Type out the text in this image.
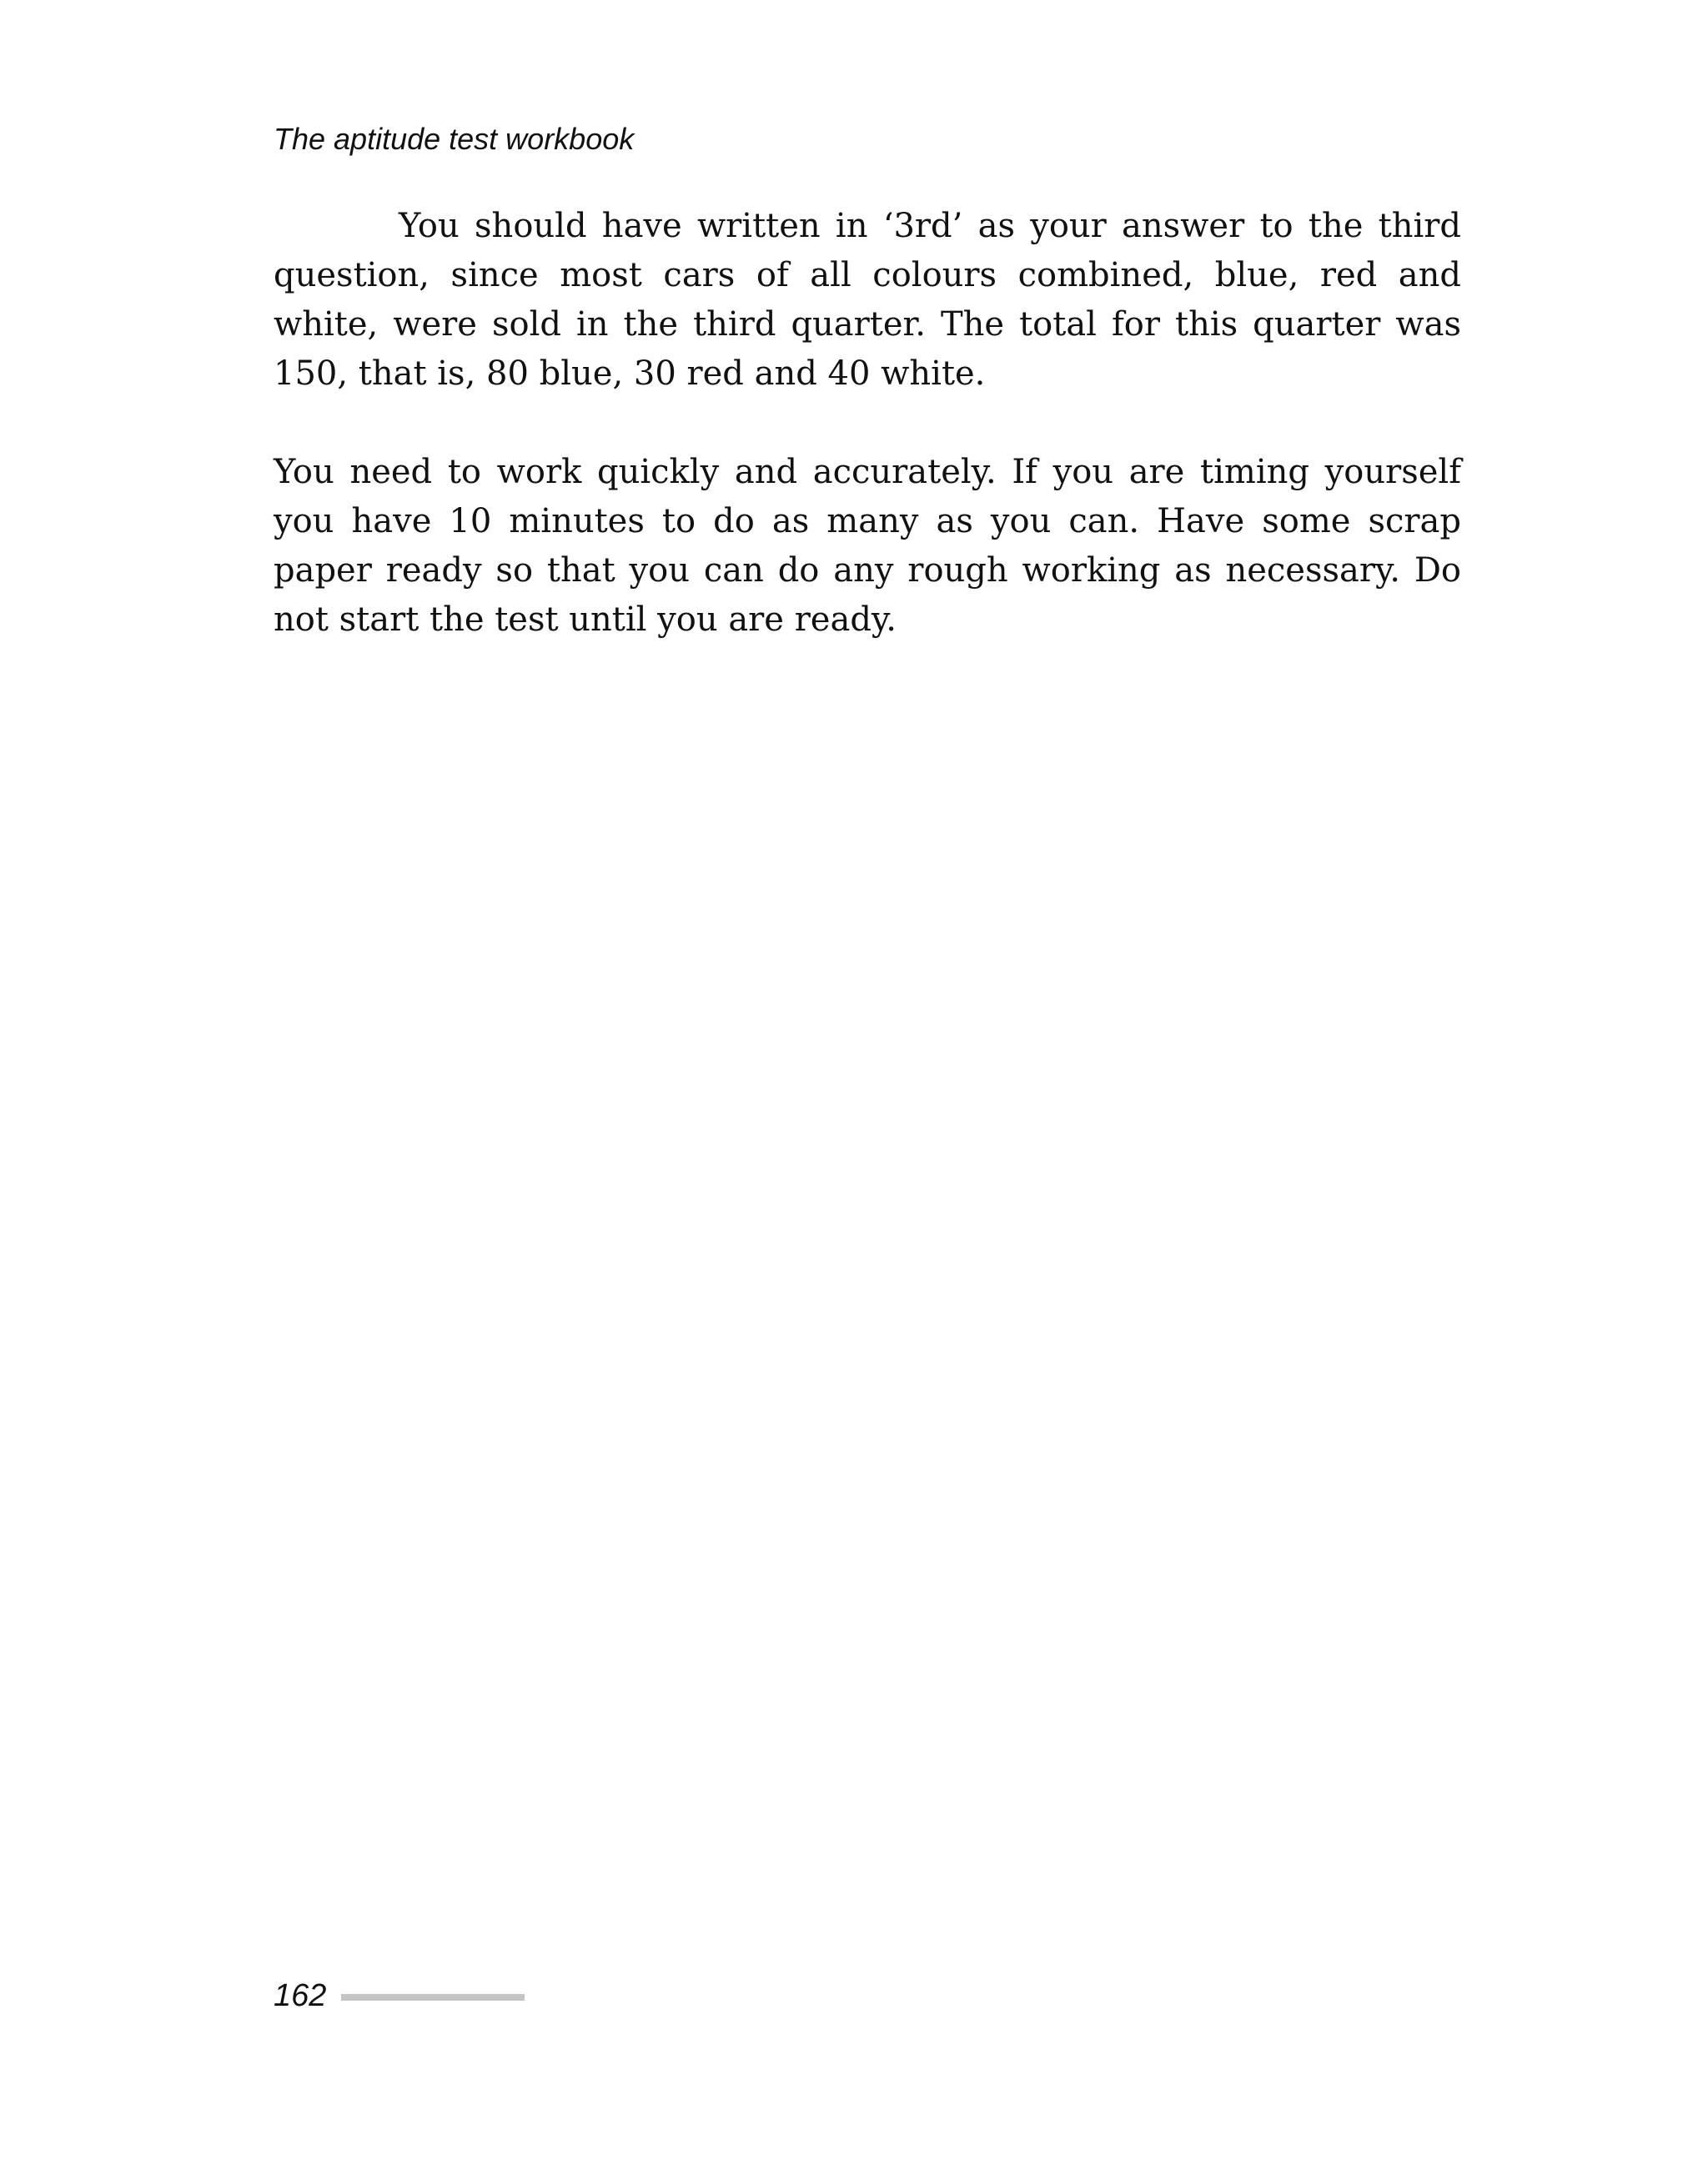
The aptitude test workbook

You should have written in ‘3rd’ as your answer to the third question, since most cars of all colours combined, blue, red and white, were sold in the third quarter. The total for this quarter was 150, that is, 80 blue, 30 red and 40 white.

You need to work quickly and accurately. If you are timing yourself you have 10 minutes to do as many as you can. Have some scrap paper ready so that you can do any rough working as necessary. Do not start the test until you are ready.

162
